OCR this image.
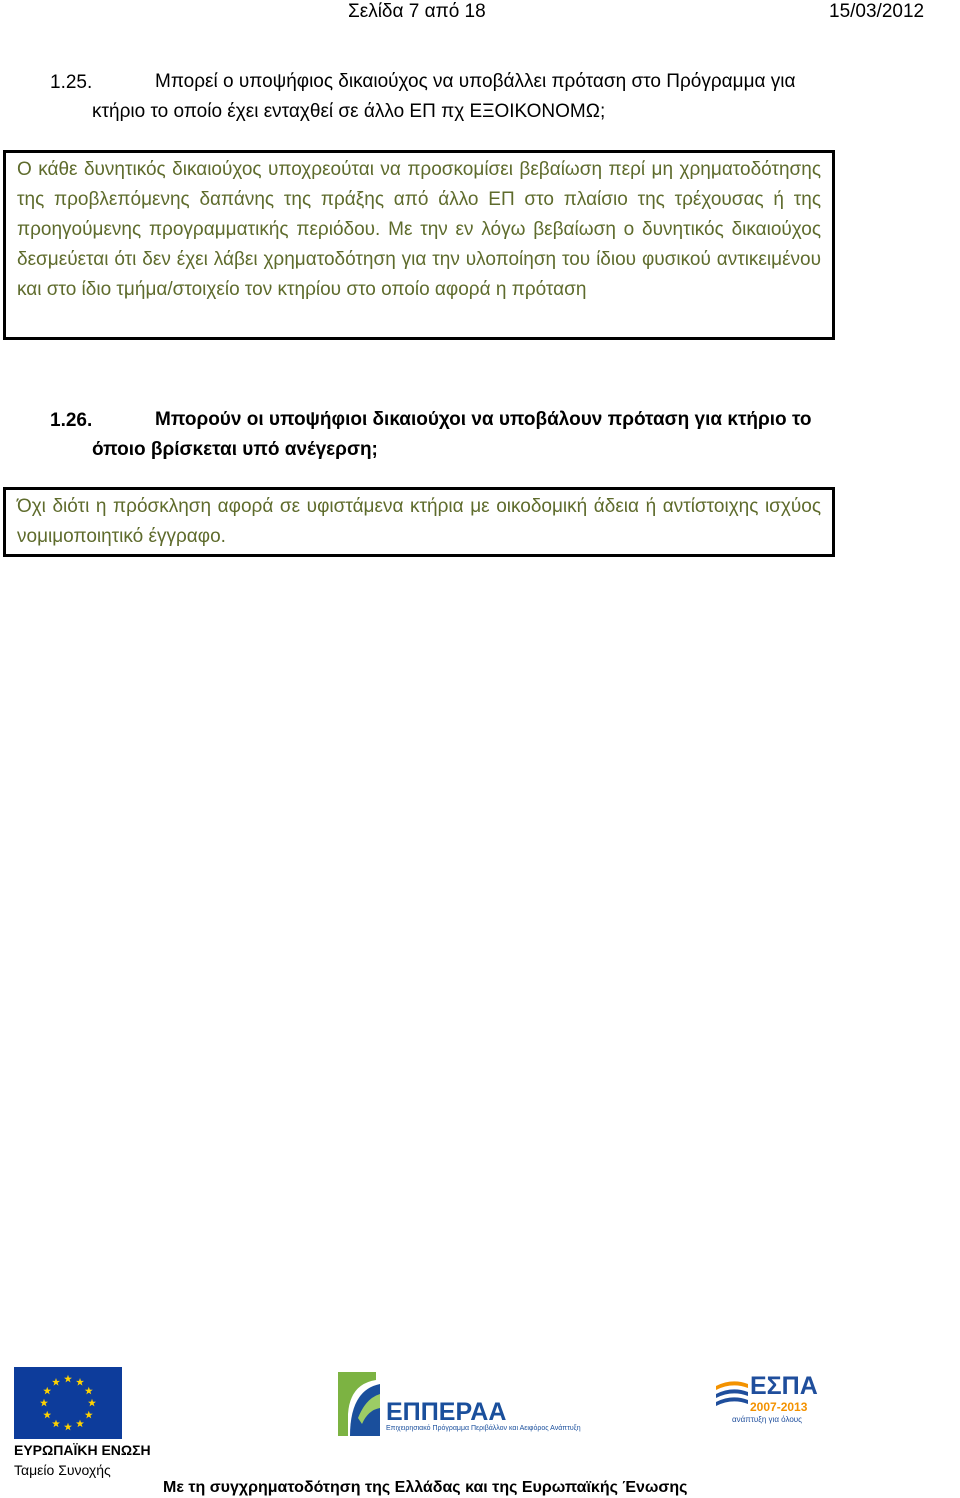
Σελίδα 7 από 18	15/03/2012
1.25.	Μπορεί ο υποψήφιος δικαιούχος να υποβάλλει πρόταση στο Πρόγραμμα για κτήριο το οποίο έχει ενταχθεί σε άλλο ΕΠ πχ ΕΞΟΙΚΟΝΟΜΩ;

Ο κάθε δυνητικός δικαιούχος υποχρεούται να προσκομίσει βεβαίωση περί μη χρηματοδότησης της προβλεπόμενης δαπάνης της πράξης από άλλο ΕΠ στο πλαίσιο της τρέχουσας ή της προηγούμενης προγραμματικής περιόδου. Με την εν λόγω βεβαίωση ο δυνητικός δικαιούχος δεσμεύεται ότι δεν έχει λάβει χρηματοδότηση για την υλοποίηση του ίδιου φυσικού αντικειμένου και στο ίδιο τμήμα/στοιχείο τον κτηρίου στο οποίο αφορά η πρόταση

1.26.	Μπορούν οι υποψήφιοι δικαιούχοι να υποβάλουν πρόταση για κτήριο το όποιο βρίσκεται υπό ανέγερση;

Όχι διότι η πρόσκληση αφορά σε υφιστάμενα κτήρια με οικοδομική άδεια ή αντίστοιχης ισχύος νομιμοποιητικό έγγραφο.

ΕΥΡΩΠΑΪΚΗ ΕΝΩΣΗ
Ταμείο Συνοχής
ΕΠΠΕΡΑΑ
Επιχειρησιακό Πρόγραμμα Περιβάλλον και Αειφόρος Ανάπτυξη
ΕΣΠΑ
2007-2013
ανάπτυξη για όλους
Με τη συγχρηματοδότηση της Ελλάδας και της Ευρωπαϊκής Ένωσης
